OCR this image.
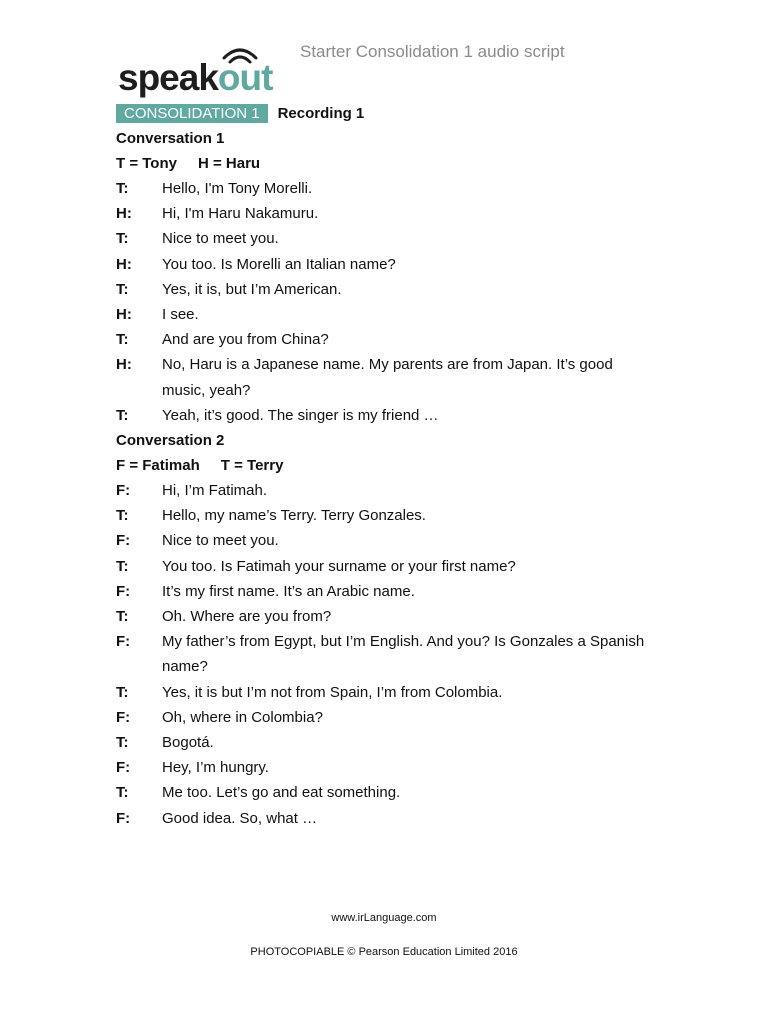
speakout
Starter Consolidation 1 audio script
CONSOLIDATION 1	Recording 1
Conversation 1
T = Tony H = Haru
T:	Hello, I'm Tony Morelli.
H:	Hi, I'm Haru Nakamuru.
T:	Nice to meet you.
H:	You too. Is Morelli an Italian name?
T:	Yes, it is, but I’m American.
H:	I see.
T:	And are you from China?
H:	No, Haru is a Japanese name. My parents are from Japan. It’s good music, yeah?
T:	Yeah, it’s good. The singer is my friend …
Conversation 2
F = Fatimah T = Terry
F:	Hi, I’m Fatimah.
T:	Hello, my name’s Terry. Terry Gonzales.
F:	Nice to meet you.
T:	You too. Is Fatimah your surname or your first name?
F:	It’s my first name. It’s an Arabic name.
T:	Oh. Where are you from?
F:	My father’s from Egypt, but I’m English. And you? Is Gonzales a Spanish name?
T:	Yes, it is but I’m not from Spain, I’m from Colombia.
F:	Oh, where in Colombia?
T:	Bogotá.
F:	Hey, I’m hungry.
T:	Me too. Let’s go and eat something.
F:	Good idea. So, what …
www.irLanguage.com
PHOTOCOPIABLE © Pearson Education Limited 2016
